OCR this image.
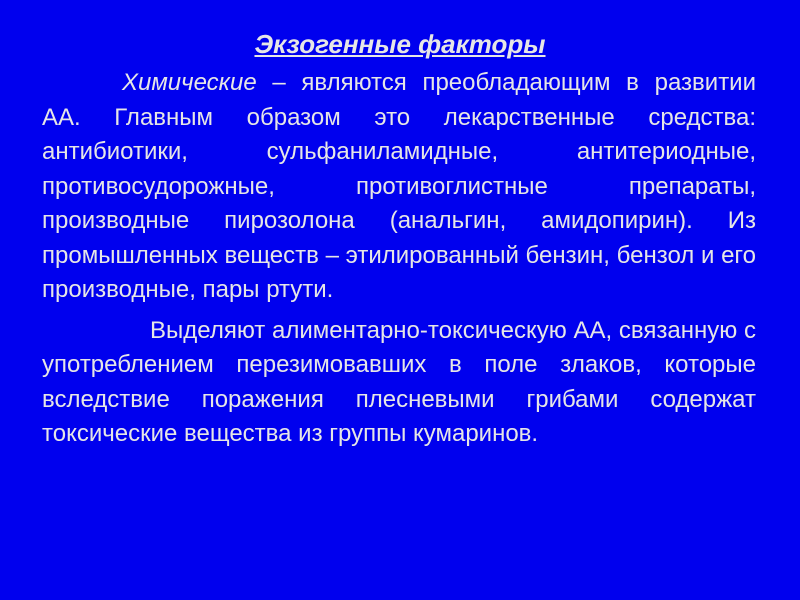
Экзогенные факторы

Химические – являются преобладающим в развитии АА. Главным образом это лекарственные средства: антибиотики, сульфаниламидные, антитериодные, противосудорожные, противоглистные препараты, производные пирозолона (анальгин, амидопирин). Из промышленных веществ – этилированный бензин, бензол и его производные, пары ртути.

Выделяют алиментарно-токсическую АА, связанную с употреблением перезимовавших в поле злаков, которые вследствие поражения плесневыми грибами содержат токсические вещества из группы кумаринов.
